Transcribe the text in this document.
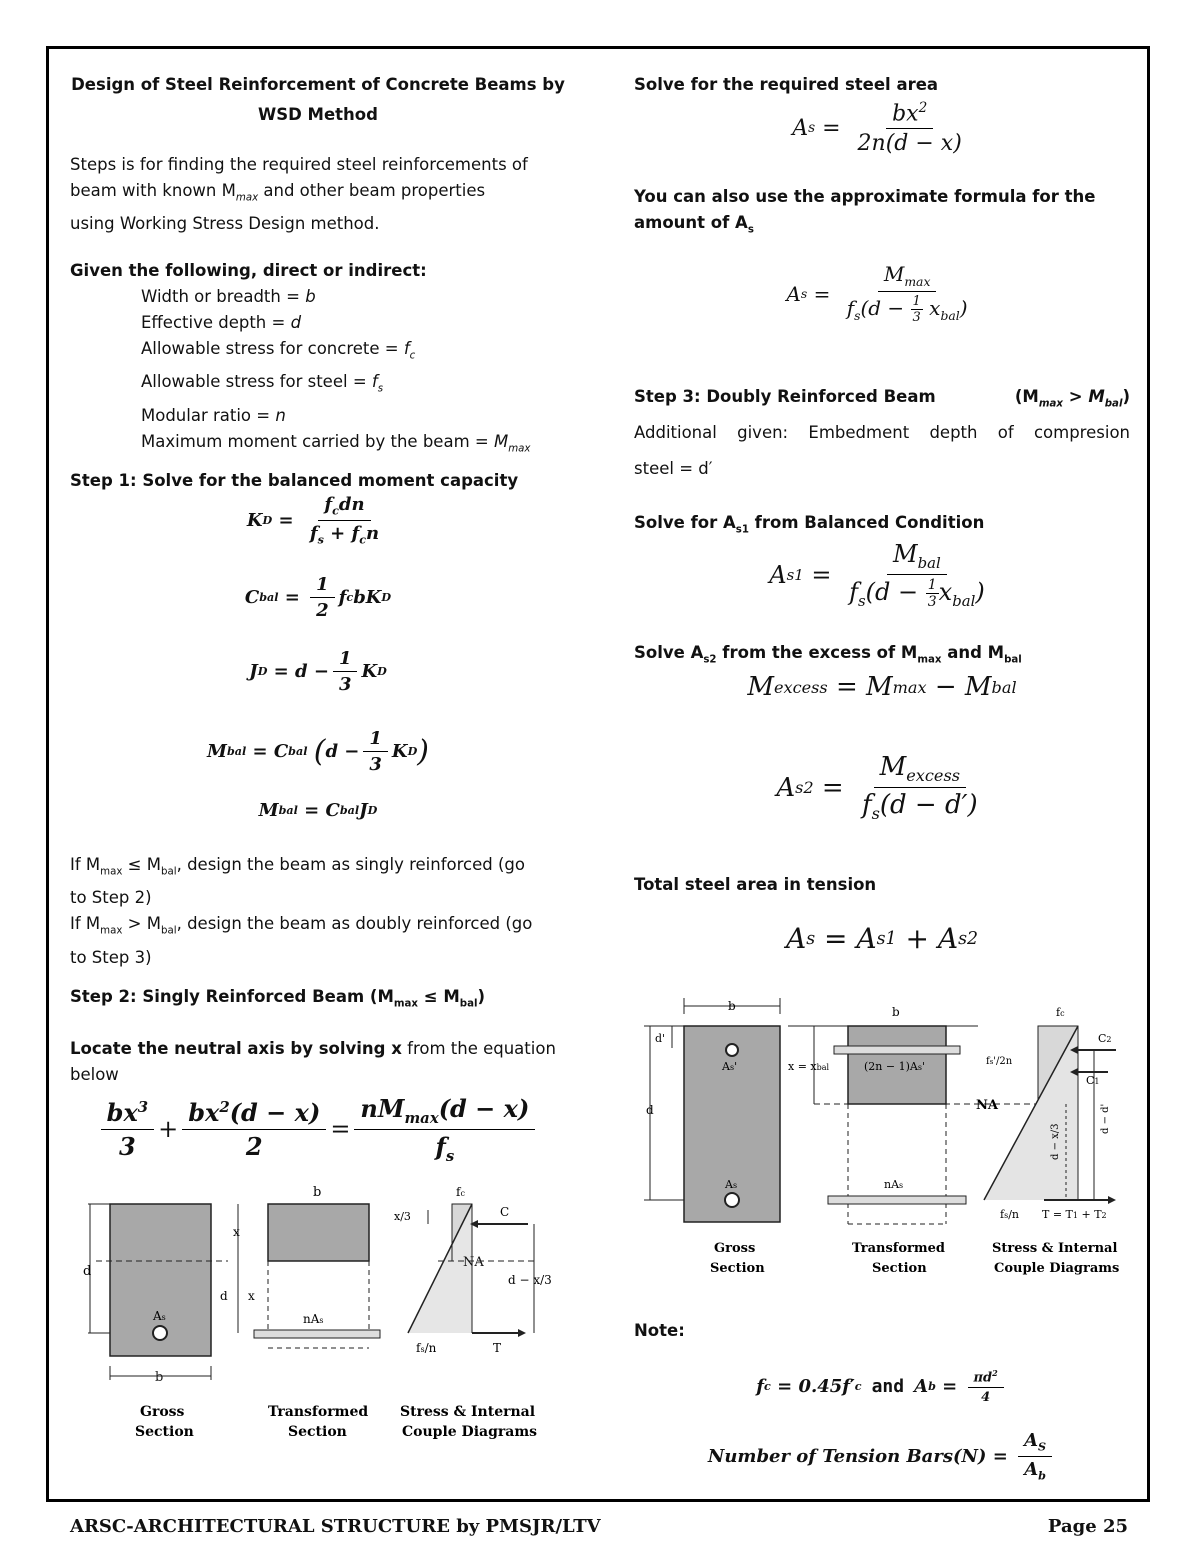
Design of Steel Reinforcement of Concrete Beams by
WSD Method
Steps is for finding the required steel reinforcements of
beam with known $M_{max}$ and other beam properties
using Working Stress Design method.
Given the following, direct or indirect:
Width or breadth = b
Effective depth = d
Allowable stress for concrete = $f_c$
Allowable stress for steel = $f_s$
Modular ratio = n
Maximum moment carried by the beam = $M_{max}$
Step 1: Solve for the balanced moment capacity
K $D = \frac{f_cdn}{f_s + f_cn}$
C bal = $\frac{1}{2}$ f c bK D
J $D = d - \frac{1}{3}$ K D
M bal = C bal
( $d - \frac{1}{3}$ K D )
M bal = C bal J D
If $M_{max} \le M_{bal}$, design the beam as singly reinforced (go
to Step 2)
If $M_{max} > M_{bal}$, design the beam as doubly reinforced (go
to Step 3)
Step 2: Singly Reinforced Beam $(M_{max} \le M_{bal})$
Locate the neutral axis by solving x from the equation
below
$\frac{bx^3}{3} + \frac{bx^2(d - x)}{2} = \frac{nM_{max}(d - x)}{f_s}$
d
As
b
x
d x
b
nAs
fc
NA
fs/n	T
C
x/3
d − x/3
Gross
Section
Transformed
Section
Stress & Internal
Couple Diagrams
Solve for the required steel area
A $s = \frac{bx^2}{2n(d - x)}$
You can also use the approximate formula for the
amount of $A_s$
A $s = \frac{M_{max}}{f_s(d - \frac{1}{3} x_{bal})}$
Step 3: Doubly Reinforced Beam	$(M_{max} > M_{bal})$
Additional given: Embedment depth of compresion
steel = d′
Solve for $A_{s1}$ from Balanced Condition
A $s1 = \frac{M_{bal}}{f_s(d - \frac{1}{3} x_{bal})}$
Solve $A_{s2}$ from the excess of $M_{max}$ and $M_{bal}$
M excess = M max − M bal
A $s2 = \frac{M_{excess}}{f_s(d - d')}$
Total steel area in tension
A s = A s1 + A s2
b
d
d'
As'
As
x = xbal
b
(2n − 1)As'
NA
nAs
fc
fs'/2n
C2
C1
fs/n T = T1 + T2
d − x/3
d − d'
Gross
Section
Transformed
Section
Stress & Internal
Couple Diagrams
Note:
f c = 0.45f′ c and A $b = \frac{\pi d^2}{4}$
Number of Tension Bars(N) =
$\frac{A_S}{A_b}$
ARSC-ARCHITECTURAL STRUCTURE by PMSJR/LTV	Page 25
